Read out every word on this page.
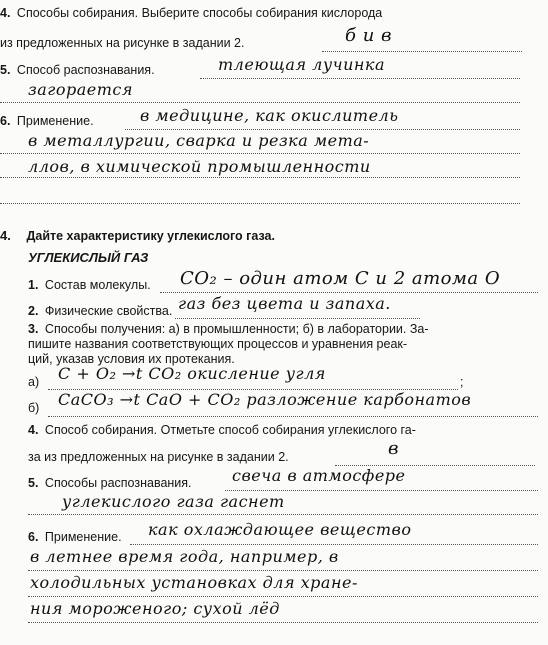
4. Способы собирания. Выберите способы собирания кислорода
из предложенных на рисунке в задании 2.	б и в
5. Способ распознавания.	тлеющая лучинка
загорается
6. Применение.	в медицине, как окислитель
в металлургии, сварка и резка мета-
ллов, в химической промышленности
4. Дайте характеристику углекислого газа.
УГЛЕКИСЛЫЙ ГАЗ
1. Состав молекулы. CO₂ – один атом C и 2 атома O
2. Физические свойства. газ без цвета и запаха.
3. Способы получения: а) в промышленности; б) в лаборатории. За-
пишите названия соответствующих процессов и уравнения реак-
ций, указав условия их протекания.
а) C + O₂ →t CO₂ окисление угля	;
б) CaCO₃ →t CaO + CO₂ разложение карбонатов
4. Способ собирания. Отметьте способ собирания углекислого га-
за из предложенных на рисунке в задании 2.	в
5. Способы распознавания.	свеча в атмосфере
углекислого газа гаснет
6. Применение. как охлаждающее вещество
в летнее время года, например, в
холодильных установках для хране-
ния мороженого; сухой лёд
